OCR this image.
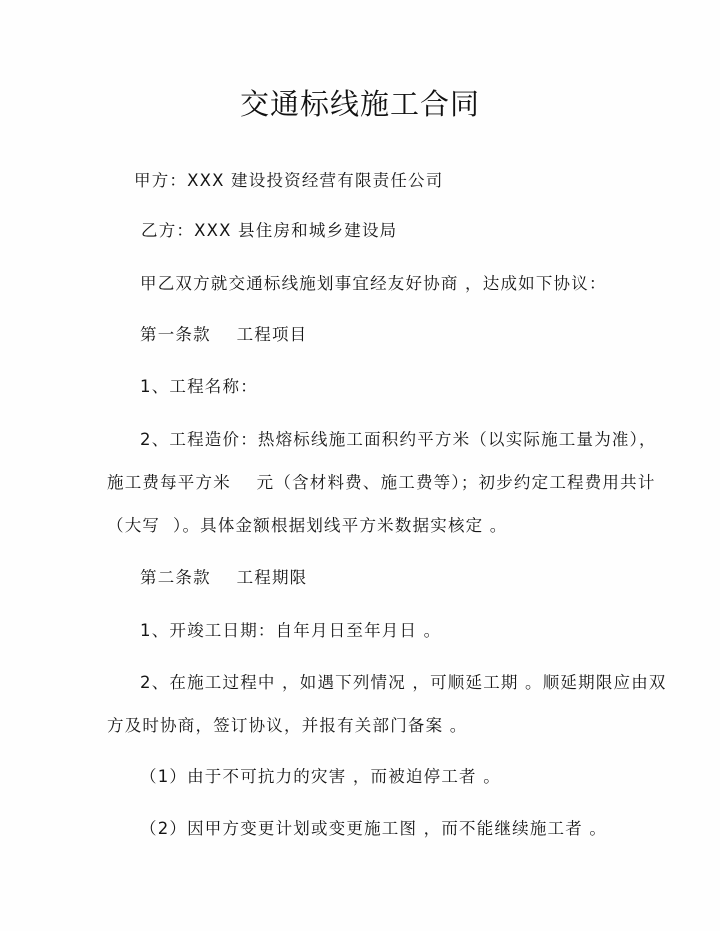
交通标线施工合同
甲方：XXX 建设投资经营有限责任公司
乙方：XXX 县住房和城乡建设局
甲乙双方就交通标线施划事宜经友好协商 ，达成如下协议：
第一条款    工程项目
1、工程名称：
2、工程造价：热熔标线施工面积约平方米（以实际施工量为准），
施工费每平方米    元（含材料费、施工费等）；初步约定工程费用共计
（大写  ）。具体金额根据划线平方米数据实核定 。
第二条款    工程期限
1、开竣工日期：自年月日至年月日 。
2、在施工过程中 ，如遇下列情况 ，可顺延工期 。顺延期限应由双
方及时协商，签订协议，并报有关部门备案 。
（1）由于不可抗力的灾害 ，而被迫停工者 。
（2）因甲方变更计划或变更施工图 ，而不能继续施工者 。
